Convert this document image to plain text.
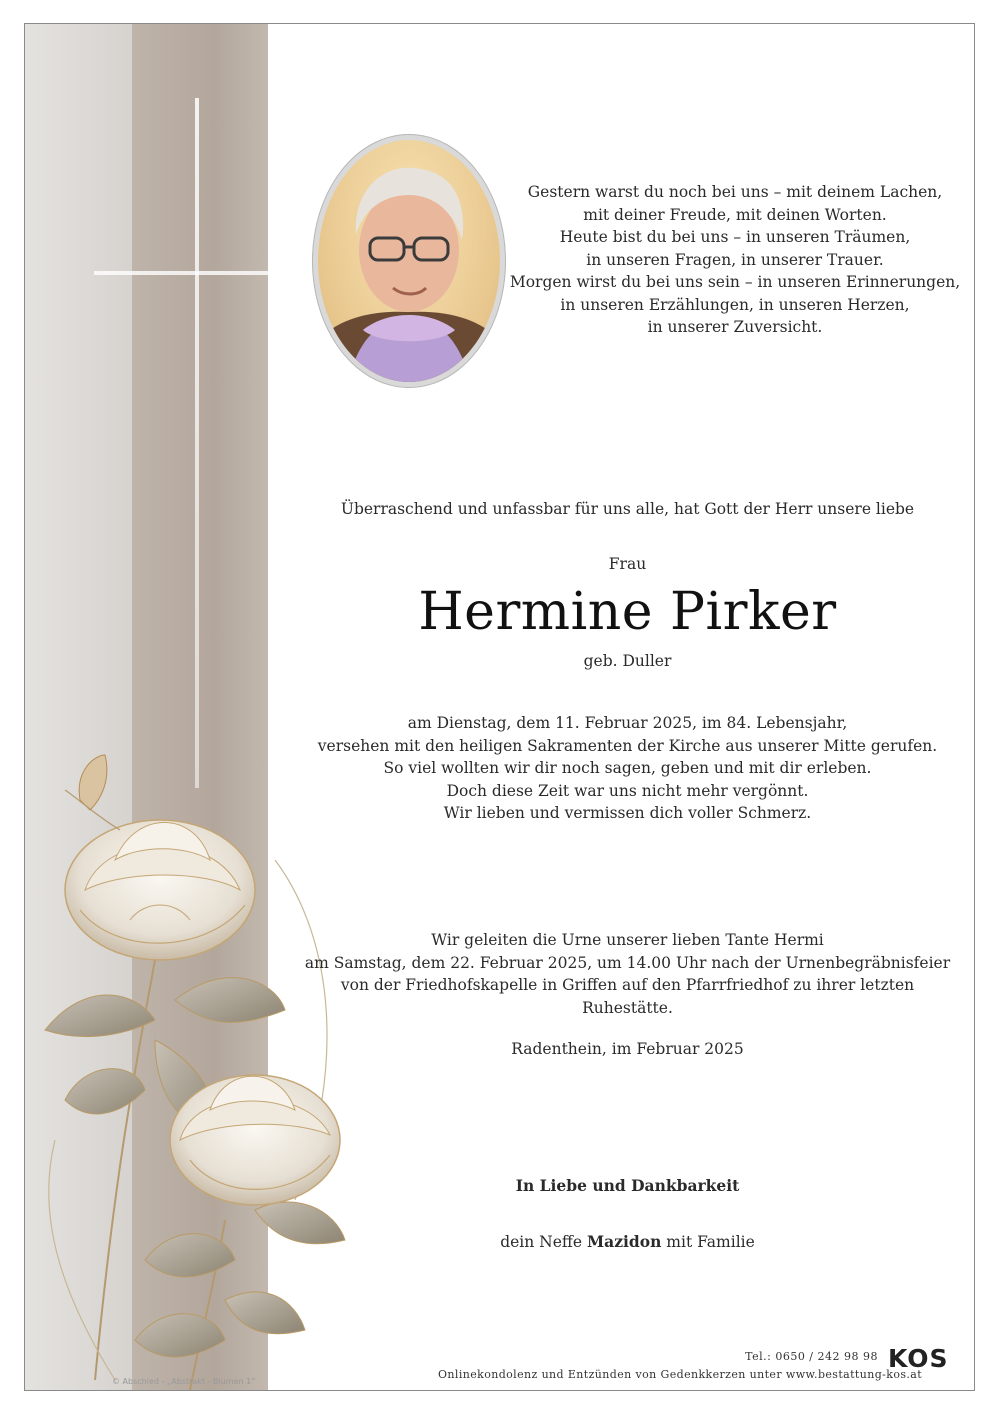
Gestern warst du noch bei uns – mit deinem Lachen,
mit deiner Freude, mit deinen Worten.
Heute bist du bei uns – in unseren Träumen,
in unseren Fragen, in unserer Trauer.
Morgen wirst du bei uns sein – in unseren Erinnerungen,
in unseren Erzählungen, in unseren Herzen,
in unserer Zuversicht.
Überraschend und unfassbar für uns alle, hat Gott der Herr unsere liebe
Frau
Hermine Pirker
geb. Duller
am Dienstag, dem 11. Februar 2025, im 84. Lebensjahr,
versehen mit den heiligen Sakramenten der Kirche aus unserer Mitte gerufen.
So viel wollten wir dir noch sagen, geben und mit dir erleben.
Doch diese Zeit war uns nicht mehr vergönnt.
Wir lieben und vermissen dich voller Schmerz.
Wir geleiten die Urne unserer lieben Tante Hermi
am Samstag, dem 22. Februar 2025, um 14.00 Uhr nach der Urnenbegräbnisfeier
von der Friedhofskapelle in Griffen auf den Pfarrfriedhof zu ihrer letzten Ruhestätte.
Radenthein, im Februar 2025
In Liebe und Dankbarkeit
dein Neffe Mazidon mit Familie
Tel.: 0650 / 242 98 98
Onlinekondolenz und Entzünden von Gedenkkerzen unter www.bestattung-kos.at
KOS
© Abschied - „Abstrakt - Blumen 1“
